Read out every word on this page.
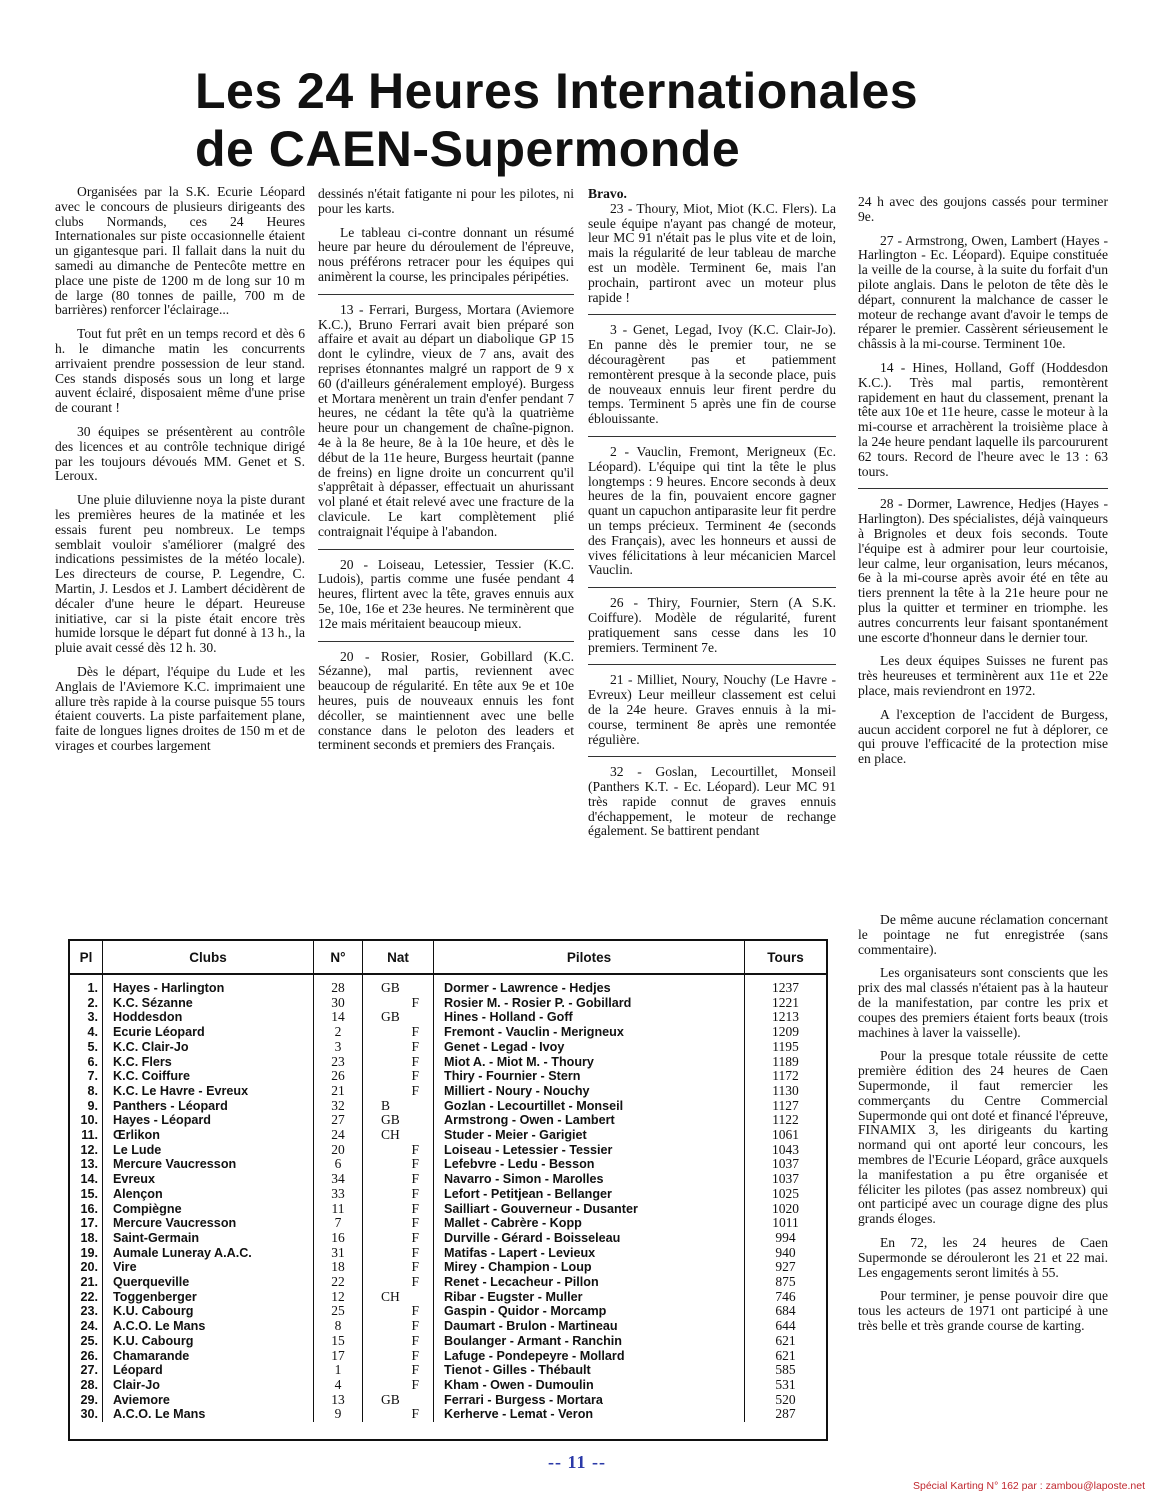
Les 24 Heures Internationales
de CAEN-Supermonde

Organisées par la S.K. Ecurie Léopard avec le concours de plusieurs dirigeants des clubs Normands, ces 24 Heures Internationales sur piste occasionnelle étaient un gigantesque pari. Il fallait dans la nuit du samedi au dimanche de Pentecôte mettre en place une piste de 1200 m de long sur 10 m de large (80 tonnes de paille, 700 m de barrières) renforcer l'éclairage...

Tout fut prêt en un temps record et dès 6 h. le dimanche matin les concurrents arrivaient prendre possession de leur stand. Ces stands disposés sous un long et large auvent éclairé, disposaient même d'une prise de courant !

30 équipes se présentèrent au contrôle des licences et au contrôle technique dirigé par les toujours dévoués MM. Genet et S. Leroux.

Une pluie diluvienne noya la piste durant les premières heures de la matinée et les essais furent peu nombreux. Le temps semblait vouloir s'améliorer (malgré des indications pessimistes de la météo locale). Les directeurs de course, P. Legendre, C. Martin, J. Lesdos et J. Lambert décidèrent de décaler d'une heure le départ. Heureuse initiative, car si la piste était encore très humide lorsque le départ fut donné à 13 h., la pluie avait cessé dès 12 h. 30.

Dès le départ, l'équipe du Lude et les Anglais de l'Aviemore K.C. imprimaient une allure très rapide à la course puisque 55 tours étaient couverts. La piste parfaitement plane, faite de longues lignes droites de 150 m et de virages et courbes largement

dessinés n'était fatigante ni pour les pilotes, ni pour les karts.

Le tableau ci-contre donnant un résumé heure par heure du déroulement de l'épreuve, nous préférons retracer pour les équipes qui animèrent la course, les principales péripéties.

13 - Ferrari, Burgess, Mortara (Aviemore K.C.), Bruno Ferrari avait bien préparé son affaire et avait au départ un diabolique GP 15 dont le cylindre, vieux de 7 ans, avait des reprises étonnantes malgré un rapport de 9 x 60 (d'ailleurs généralement employé). Burgess et Mortara menèrent un train d'enfer pendant 7 heures, ne cédant la tête qu'à la quatrième heure pour un changement de chaîne-pignon. 4e à la 8e heure, 8e à la 10e heure, et dès le début de la 11e heure, Burgess heurtait (panne de freins) en ligne droite un concurrent qu'il s'apprêtait à dépasser, effectuait un ahurissant vol plané et était relevé avec une fracture de la clavicule. Le kart complètement plié contraignait l'équipe à l'abandon.

20 - Loiseau, Letessier, Tessier (K.C. Ludois), partis comme une fusée pendant 4 heures, flirtent avec la tête, graves ennuis aux 5e, 10e, 16e et 23e heures. Ne terminèrent que 12e mais méritaient beaucoup mieux.

20 - Rosier, Rosier, Gobillard (K.C. Sézanne), mal partis, reviennent avec beaucoup de régularité. En tête aux 9e et 10e heures, puis de nouveaux ennuis les font décoller, se maintiennent avec une belle constance dans le peloton des leaders et terminent seconds et premiers des Français.

Bravo.

23 - Thoury, Miot, Miot (K.C. Flers). La seule équipe n'ayant pas changé de moteur, leur MC 91 n'était pas le plus vite et de loin, mais la régularité de leur tableau de marche est un modèle. Terminent 6e, mais l'an prochain, partiront avec un moteur plus rapide !

3 - Genet, Legad, Ivoy (K.C. Clair-Jo). En panne dès le premier tour, ne se découragèrent pas et patiemment remontèrent presque à la seconde place, puis de nouveaux ennuis leur firent perdre du temps. Terminent 5 après une fin de course éblouissante.

2 - Vauclin, Fremont, Merigneux (Ec. Léopard). L'équipe qui tint la tête le plus longtemps : 9 heures. Encore seconds à deux heures de la fin, pouvaient encore gagner quant un capuchon antiparasite leur fit perdre un temps précieux. Terminent 4e (seconds des Français), avec les honneurs et aussi de vives félicitations à leur mécanicien Marcel Vauclin.

26 - Thiry, Fournier, Stern (A S.K. Coiffure). Modèle de régularité, furent pratiquement sans cesse dans les 10 premiers. Terminent 7e.

21 - Milliet, Noury, Nouchy (Le Havre - Evreux) Leur meilleur classement est celui de la 24e heure. Graves ennuis à la mi-course, terminent 8e après une remontée régulière.

32 - Goslan, Lecourtillet, Monseil (Panthers K.T. - Ec. Léopard). Leur MC 91 très rapide connut de graves ennuis d'échappement, le moteur de rechange également. Se battirent pendant

24 h avec des goujons cassés pour terminer 9e.

27 - Armstrong, Owen, Lambert (Hayes - Harlington - Ec. Léopard). Equipe constituée la veille de la course, à la suite du forfait d'un pilote anglais. Dans le peloton de tête dès le départ, connurent la malchance de casser le moteur de rechange avant d'avoir le temps de réparer le premier. Cassèrent sérieusement le châssis à la mi-course. Terminent 10e.

14 - Hines, Holland, Goff (Hoddesdon K.C.). Très mal partis, remontèrent rapidement en haut du classement, prenant la tête aux 10e et 11e heure, casse le moteur à la mi-course et arrachèrent la troisième place à la 24e heure pendant laquelle ils parcoururent 62 tours. Record de l'heure avec le 13 : 63 tours.

28 - Dormer, Lawrence, Hedjes (Hayes - Harlington). Des spécialistes, déjà vainqueurs à Brignoles et deux fois seconds. Toute l'équipe est à admirer pour leur courtoisie, leur calme, leur organisation, leurs mécanos, 6e à la mi-course après avoir été en tête au tiers prennent la tête à la 21e heure pour ne plus la quitter et terminer en triomphe. les autres concurrents leur faisant spontanément une escorte d'honneur dans le dernier tour.

Les deux équipes Suisses ne furent pas très heureuses et terminèrent aux 11e et 22e place, mais reviendront en 1972.

A l'exception de l'accident de Burgess, aucun accident corporel ne fut à déplorer, ce qui prouve l'efficacité de la protection mise en place.

De même aucune réclamation concernant le pointage ne fut enregistrée (sans commentaire).

Les organisateurs sont conscients que les prix des mal classés n'étaient pas à la hauteur de la manifestation, par contre les prix et coupes des premiers étaient forts beaux (trois machines à laver la vaisselle).

Pour la presque totale réussite de cette première édition des 24 heures de Caen Supermonde, il faut remercier les commerçants du Centre Commercial Supermonde qui ont doté et financé l'épreuve, FINAMIX 3, les dirigeants du karting normand qui ont aporté leur concours, les membres de l'Ecurie Léopard, grâce auxquels la manifestation a pu être organisée et féliciter les pilotes (pas assez nombreux) qui ont participé avec un courage digne des plus grands éloges.

En 72, les 24 heures de Caen Supermonde se dérouleront les 21 et 22 mai. Les engagements seront limités à 55.

Pour terminer, je pense pouvoir dire que tous les acteurs de 1971 ont participé à une très belle et très grande course de karting.

Pl	Clubs	N°	Nat	Pilotes	Tours
1.	Hayes - Harlington	28	GB	Dormer - Lawrence - Hedjes	1237
2.	K.C. Sézanne	30	F	Rosier M. - Rosier P. - Gobillard	1221
3.	Hoddesdon	14	GB	Hines - Holland - Goff	1213
4.	Ecurie Léopard	2	F	Fremont - Vauclin - Merigneux	1209
5.	K.C. Clair-Jo	3	F	Genet - Legad - Ivoy	1195
6.	K.C. Flers	23	F	Miot A. - Miot M. - Thoury	1189
7.	K.C. Coiffure	26	F	Thiry - Fournier - Stern	1172
8.	K.C. Le Havre - Evreux	21	F	Milliert - Noury - Nouchy	1130
9.	Panthers - Léopard	32	B	Gozlan - Lecourtillet - Monseil	1127
10.	Hayes - Léopard	27	GB	Armstrong - Owen - Lambert	1122
11.	Œrlikon	24	CH	Studer - Meier - Garigiet	1061
12.	Le Lude	20	F	Loiseau - Letessier - Tessier	1043
13.	Mercure Vaucresson	6	F	Lefebvre - Ledu - Besson	1037
14.	Evreux	34	F	Navarro - Simon - Marolles	1037
15.	Alençon	33	F	Lefort - Petitjean - Bellanger	1025
16.	Compiègne	11	F	Sailliart - Gouverneur - Dusanter	1020
17.	Mercure Vaucresson	7	F	Mallet - Cabrère - Kopp	1011
18.	Saint-Germain	16	F	Durville - Gérard - Boisseleau	994
19.	Aumale Luneray A.A.C.	31	F	Matifas - Lapert - Levieux	940
20.	Vire	18	F	Mirey - Champion - Loup	927
21.	Querqueville	22	F	Renet - Lecacheur - Pillon	875
22.	Toggenberger	12	CH	Ribar - Eugster - Muller	746
23.	K.U. Cabourg	25	F	Gaspin - Quidor - Morcamp	684
24.	A.C.O. Le Mans	8	F	Daumart - Brulon - Martineau	644
25.	K.U. Cabourg	15	F	Boulanger - Armant - Ranchin	621
26.	Chamarande	17	F	Lafuge - Pondepeyre - Mollard	621
27.	Léopard	1	F	Tienot - Gilles - Thébault	585
28.	Clair-Jo	4	F	Kham - Owen - Dumoulin	531
29.	Aviemore	13	GB	Ferrari - Burgess - Mortara	520
30.	A.C.O. Le Mans	9	F	Kerherve - Lemat - Veron	287
-- 11 --
Spécial Karting N° 162 par : zambou@laposte.net
